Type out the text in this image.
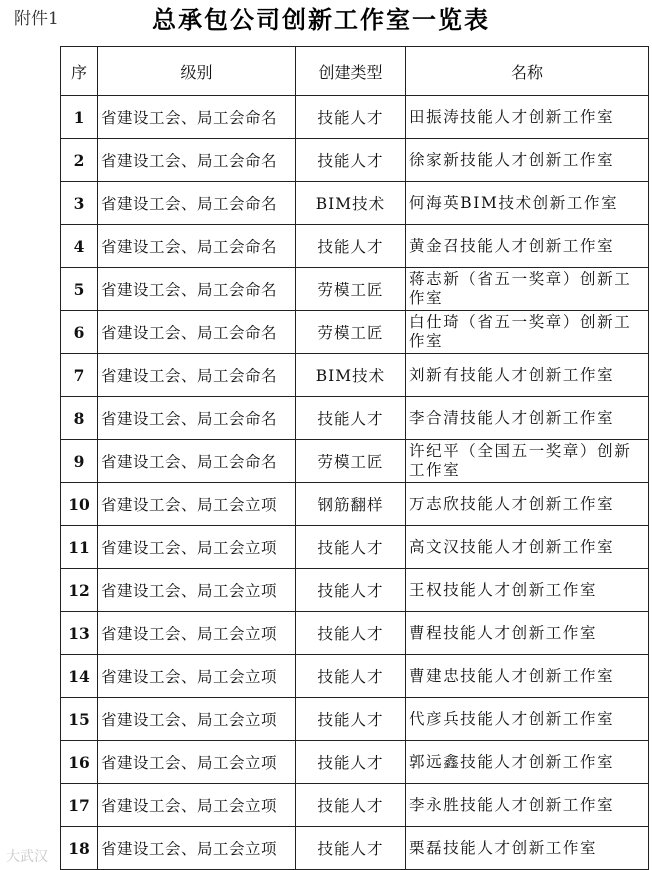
附件1	总承包公司创新工作室一览表
序	级别	创建类型	名称
1	省建设工会、局工会命名	技能人才	田振涛技能人才创新工作室
2	省建设工会、局工会命名	技能人才	徐家新技能人才创新工作室
3	省建设工会、局工会命名	BIM技术	何海英BIM技术创新工作室
4	省建设工会、局工会命名	技能人才	黄金召技能人才创新工作室
5	省建设工会、局工会命名	劳模工匠	蒋志新（省五一奖章）创新工作室
6	省建设工会、局工会命名	劳模工匠	白仕琦（省五一奖章）创新工作室
7	省建设工会、局工会命名	BIM技术	刘新有技能人才创新工作室
8	省建设工会、局工会命名	技能人才	李合清技能人才创新工作室
9	省建设工会、局工会命名	劳模工匠	许纪平（全国五一奖章）创新工作室
10	省建设工会、局工会立项	钢筋翻样	万志欣技能人才创新工作室
11	省建设工会、局工会立项	技能人才	高文汉技能人才创新工作室
12	省建设工会、局工会立项	技能人才	王权技能人才创新工作室
13	省建设工会、局工会立项	技能人才	曹程技能人才创新工作室
14	省建设工会、局工会立项	技能人才	曹建忠技能人才创新工作室
15	省建设工会、局工会立项	技能人才	代彦兵技能人才创新工作室
16	省建设工会、局工会立项	技能人才	郭远鑫技能人才创新工作室
17	省建设工会、局工会立项	技能人才	李永胜技能人才创新工作室
18	省建设工会、局工会立项	技能人才	栗磊技能人才创新工作室
大武汉
